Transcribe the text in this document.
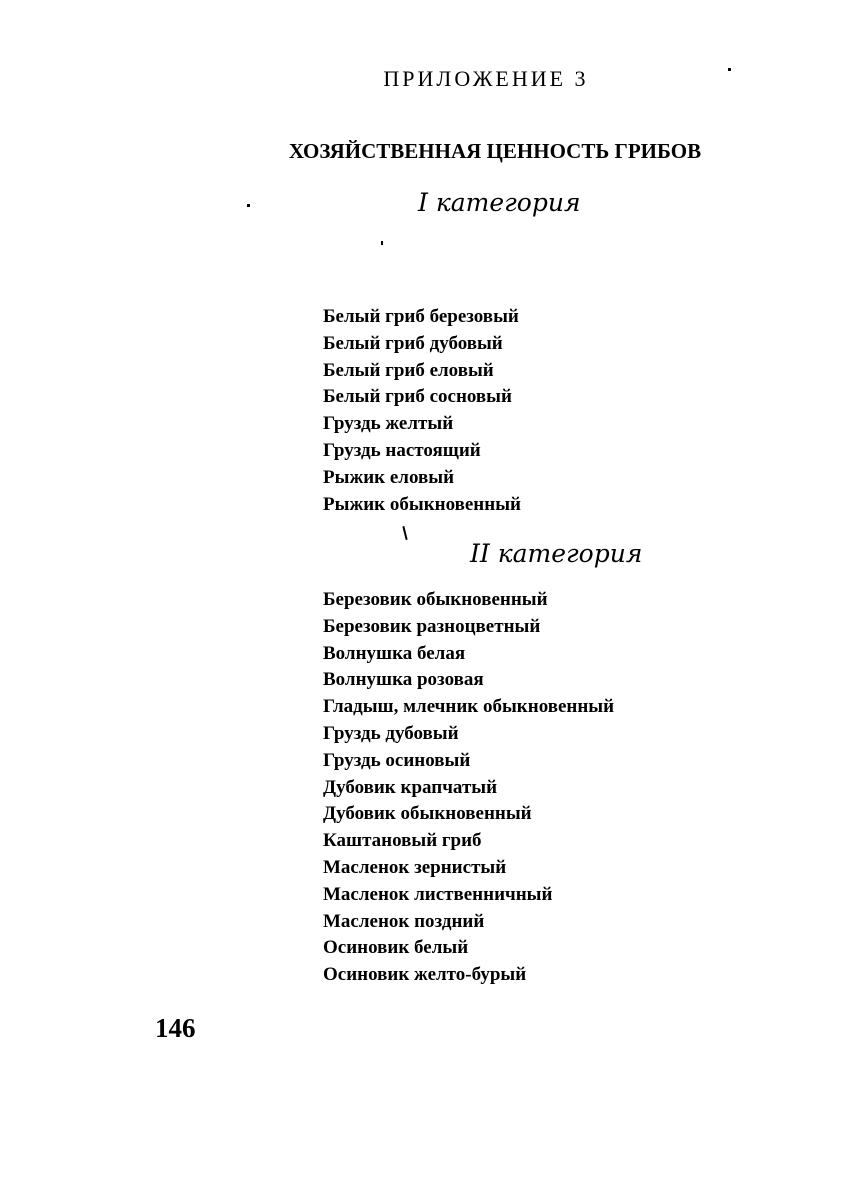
ПРИЛОЖЕНИЕ 3
ХОЗЯЙСТВЕННАЯ ЦЕННОСТЬ ГРИБОВ
I категория
Белый гриб березовый
Белый гриб дубовый
Белый гриб еловый
Белый гриб сосновый
Груздь желтый
Груздь настоящий
Рыжик еловый
Рыжик обыкновенный
II категория
Березовик обыкновенный
Березовик разноцветный
Волнушка белая
Волнушка розовая
Гладыш, млечник обыкновенный
Груздь дубовый
Груздь осиновый
Дубовик крапчатый
Дубовик обыкновенный
Каштановый гриб
Масленок зернистый
Масленок лиственничный
Масленок поздний
Осиновик белый
Осиновик желто-бурый
146
